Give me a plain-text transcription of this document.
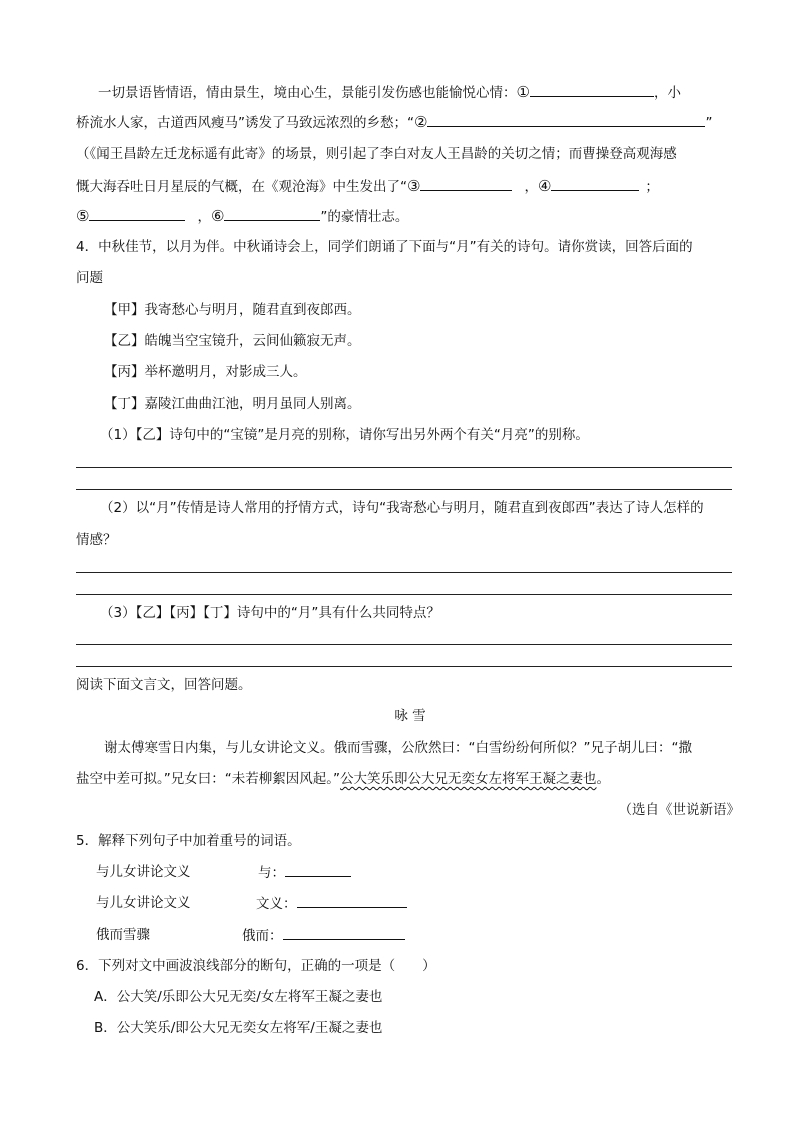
一切景语皆情语，情由景生，境由心生，景能引发伤感也能愉悦心情：①	，小
桥流水人家，古道西风瘦马”诱发了马致远浓烈的乡愁；“②	”
（《闻王昌龄左迁龙标遥有此寄》的场景，则引起了李白对友人王昌龄的关切之情；而曹操登高观海感
慨大海吞吐日月星辰的气概，在《观沧海》中生发出了“③	，④	；
⑤	，⑥	”的豪情壮志。
4．中秋佳节，以月为伴。中秋诵诗会上，同学们朗诵了下面与“月”有关的诗句。请你赏读，回答后面的
问题
【甲】我寄愁心与明月，随君直到夜郎西。
【乙】皓魄当空宝镜升，云间仙籁寂无声。
【丙】举杯邀明月，对影成三人。
【丁】嘉陵江曲曲江池，明月虽同人别离。
（1）【乙】诗句中的“宝镜”是月亮的别称，请你写出另外两个有关“月亮”的别称。
（2）以“月”传情是诗人常用的抒情方式，诗句“我寄愁心与明月，随君直到夜郎西”表达了诗人怎样的
情感？
（3）【乙】【丙】【丁】诗句中的“月”具有什么共同特点？
阅读下面文言文，回答问题。
咏 雪
谢太傅寒雪日内集，与儿女讲论文义。俄而雪骤，公欣然曰：“白雪纷纷何所似？”兄子胡儿曰：“撒
盐空中差可拟。”兄女曰：“未若柳絮因风起。”公大笑乐即公大兄无奕女左将军王凝之妻也。
（选自《世说新语》
5．解释下列句子中加着重号的词语。
与儿女讲论文义	与：
与儿女讲论文义	文义：
俄而雪骤	俄而：
6．下列对文中画波浪线部分的断句，正确的一项是（　　）
A．公大笑/乐即公大兄无奕/女左将军王凝之妻也
B．公大笑乐/即公大兄无奕女左将军/王凝之妻也
